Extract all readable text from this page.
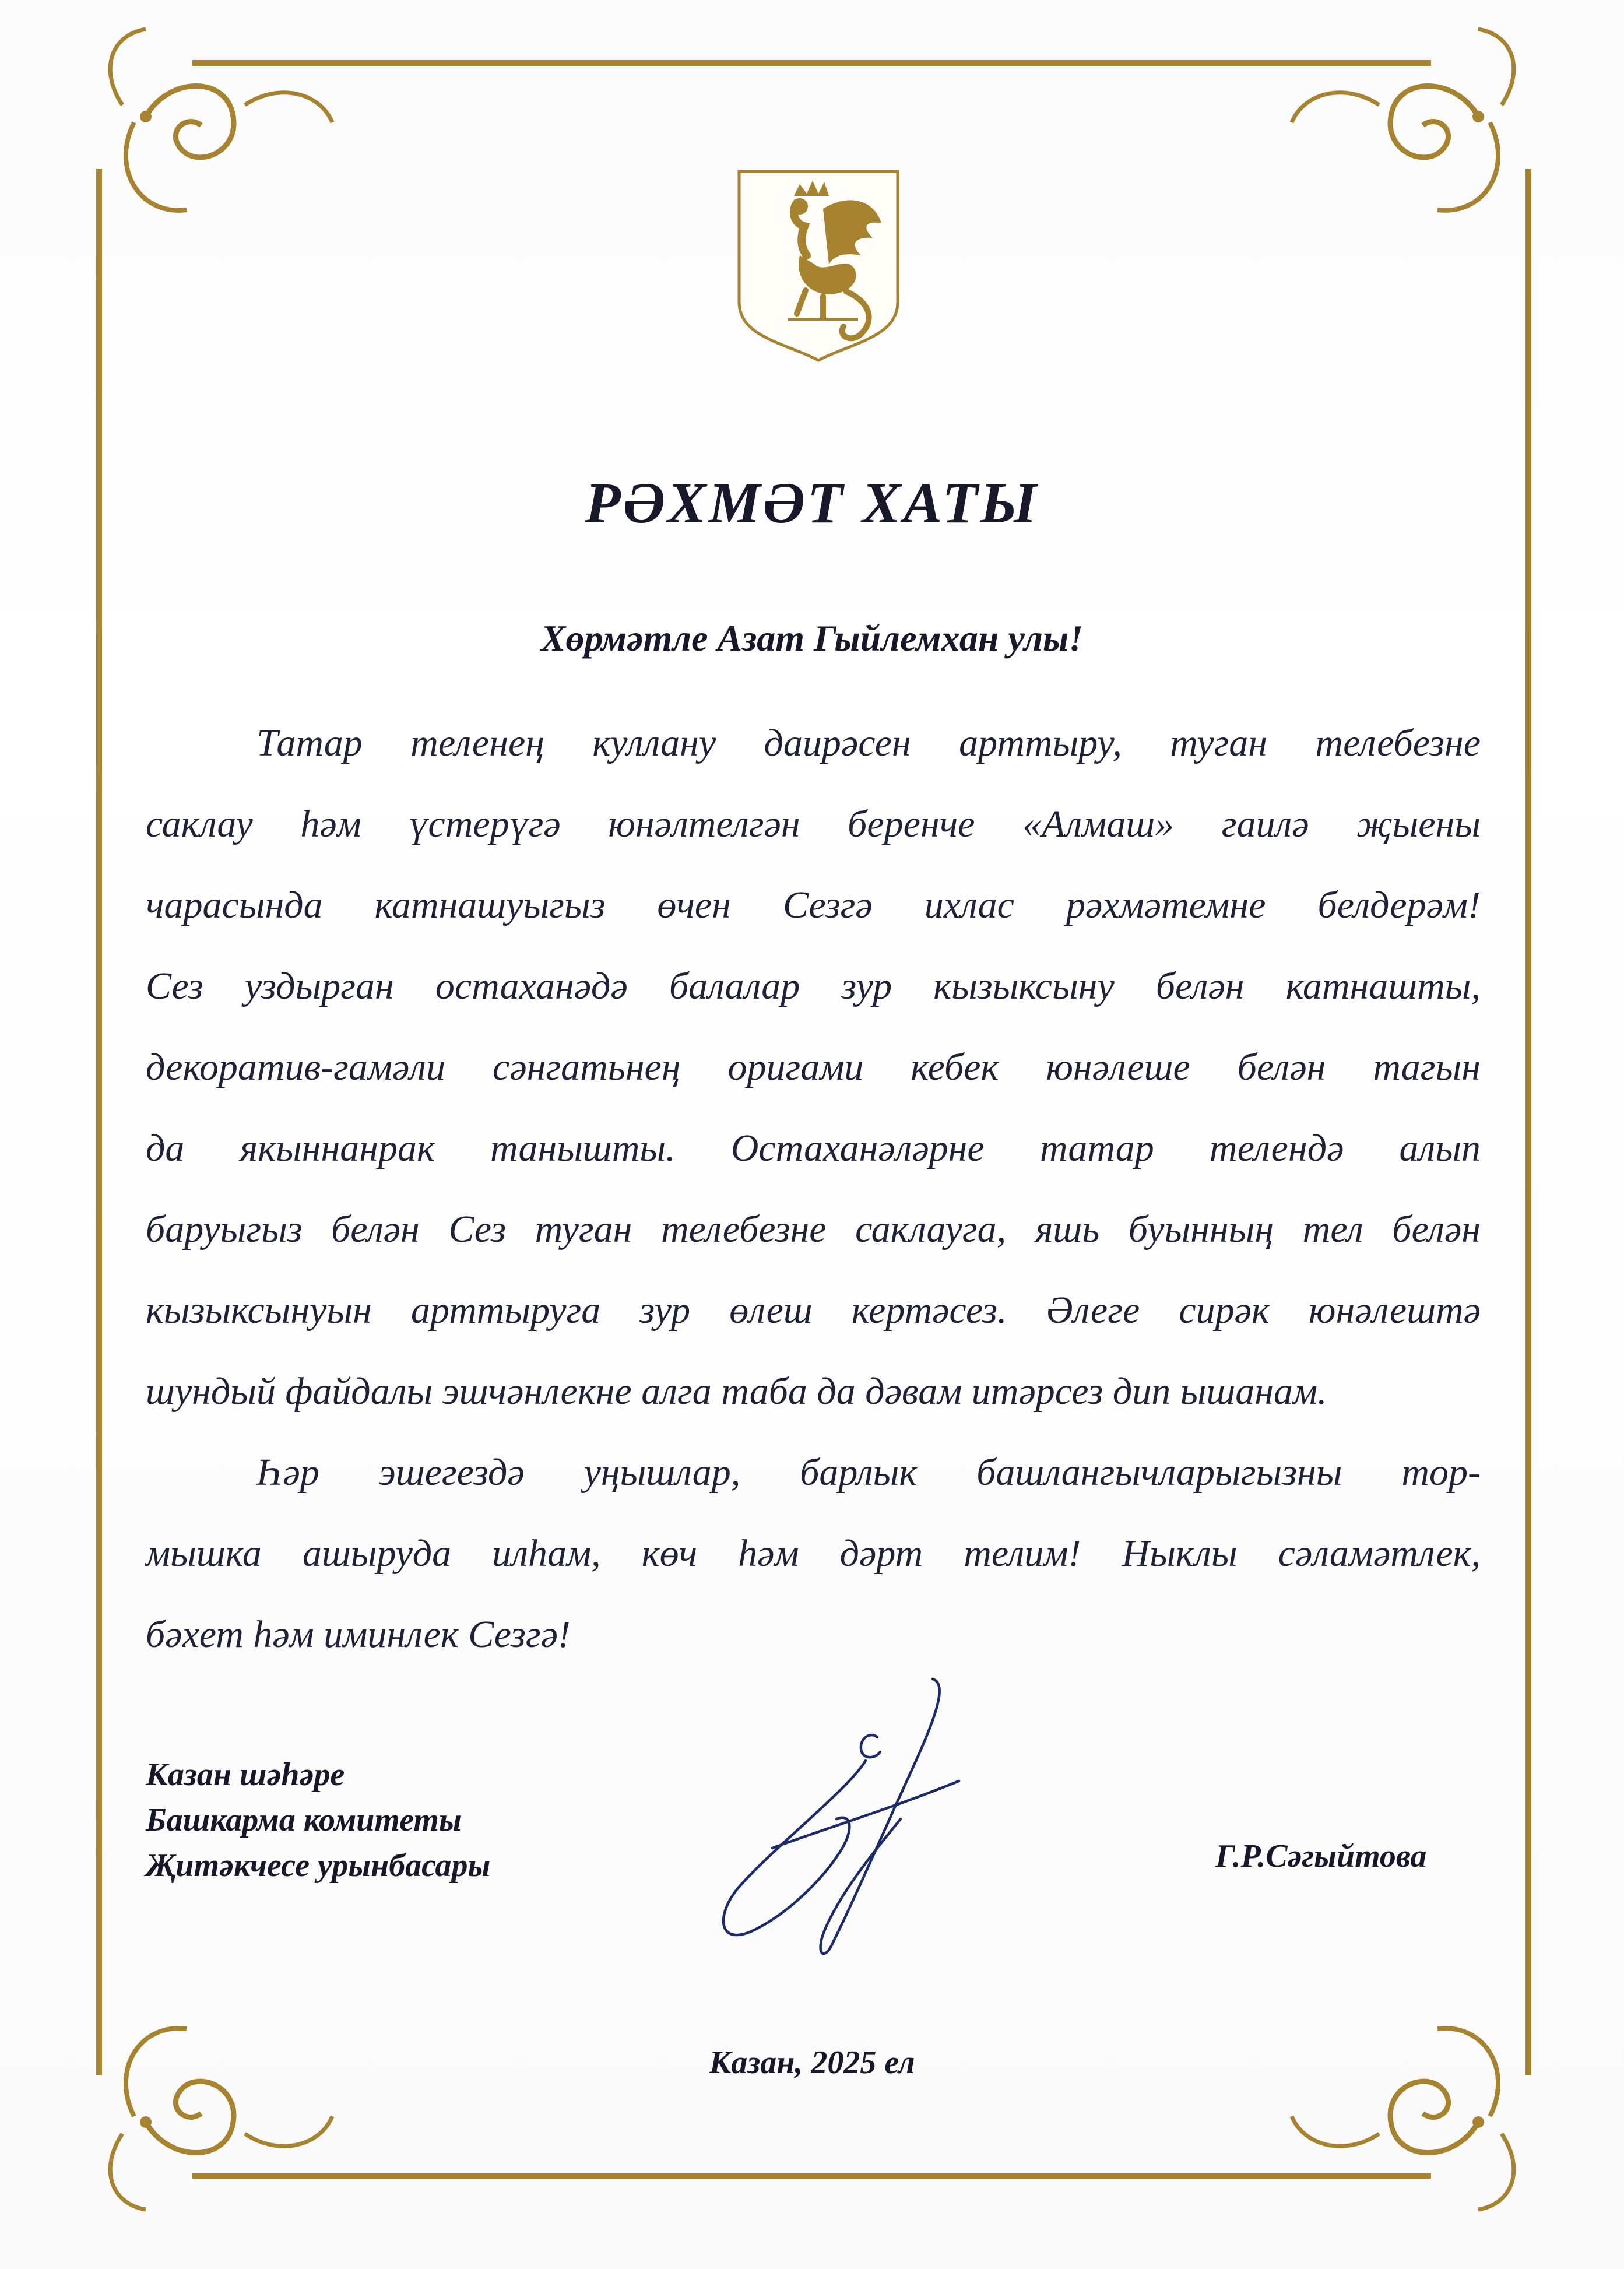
РӘХМӘТ ХАТЫ
Хөрмәтле Азат Гыйлемхан улы!
Татар теленең куллану даирәсен арттыру, туган телебезне
саклау һәм үстерүгә юнәлтелгән беренче «Алмаш» гаилә җыены
чарасында катнашуыгыз өчен Сезгә ихлас рәхмәтемне белдерәм!
Сез уздырган остаханәдә балалар зур кызыксыну белән катнашты,
декоратив-гамәли сәнгатьнең оригами кебек юнәлеше белән тагын
да якыннанрак танышты. Остаханәләрне татар телендә алып
баруыгыз белән Сез туган телебезне саклауга, яшь буынның тел белән
кызыксынуын арттыруга зур өлеш кертәсез. Әлеге сирәк юнәлештә
шундый файдалы эшчәнлекне алга таба да дәвам итәрсез дип ышанам.
Һәр эшегездә уңышлар, барлык башлангычларыгызны тор-
мышка ашыруда илһам, көч һәм дәрт телим! Ныклы сәламәтлек,
бәхет һәм иминлек Сезгә!
Казан шәһәре
Башкарма комитеты
Җитәкчесе урынбасары	Г.Р.Сәгыйтова
Казан, 2025 ел
